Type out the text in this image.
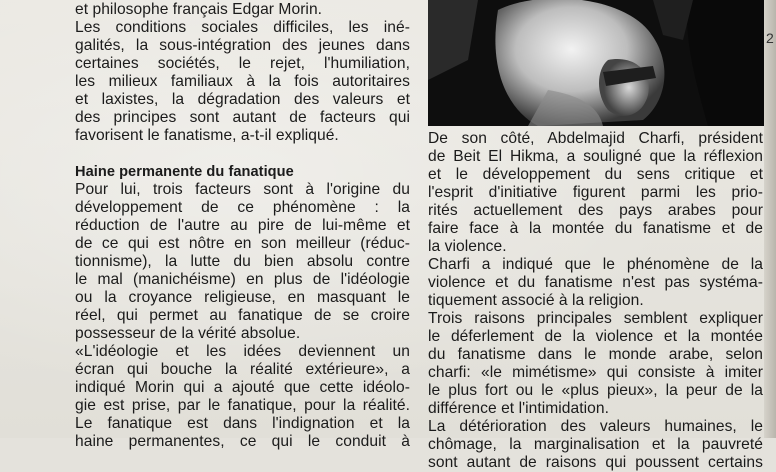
et philosophe français Edgar Morin.
Les conditions sociales difficiles, les iné-
galités, la sous-intégration des jeunes dans
certaines sociétés, le rejet, l'humiliation,
les milieux familiaux à la fois autoritaires
et laxistes, la dégradation des valeurs et
des principes sont autant de facteurs qui
favorisent le fanatisme, a-t-il expliqué.
Haine permanente du fanatique
Pour lui, trois facteurs sont à l'origine du
développement de ce phénomène : la
réduction de l'autre au pire de lui-même et
de ce qui est nôtre en son meilleur (réduc-
tionnisme), la lutte du bien absolu contre
le mal (manichéisme) en plus de l'idéologie
ou la croyance religieuse, en masquant le
réel, qui permet au fanatique de se croire
possesseur de la vérité absolue.
«L'idéologie et les idées deviennent un
écran qui bouche la réalité extérieure», a
indiqué Morin qui a ajouté que cette idéolo-
gie est prise, par le fanatique, pour la réalité.
Le fanatique est dans l'indignation et la
haine permanentes, ce qui le conduit à
De son côté, Abdelmajid Charfi, président
de Beit El Hikma, a souligné que la réflexion
et le développement du sens critique et
l'esprit d'initiative figurent parmi les prio-
rités actuellement des pays arabes pour
faire face à la montée du fanatisme et de
la violence.
Charfi a indiqué que le phénomène de la
violence et du fanatisme n'est pas systéma-
tiquement associé à la religion.
Trois raisons principales semblent expliquer
le déferlement de la violence et la montée
du fanatisme dans le monde arabe, selon
charfi: «le mimétisme» qui consiste à imiter
le plus fort ou le «plus pieux», la peur de la
différence et l'intimidation.
La détérioration des valeurs humaines, le
chômage, la marginalisation et la pauvreté
sont autant de raisons qui poussent certains
2
